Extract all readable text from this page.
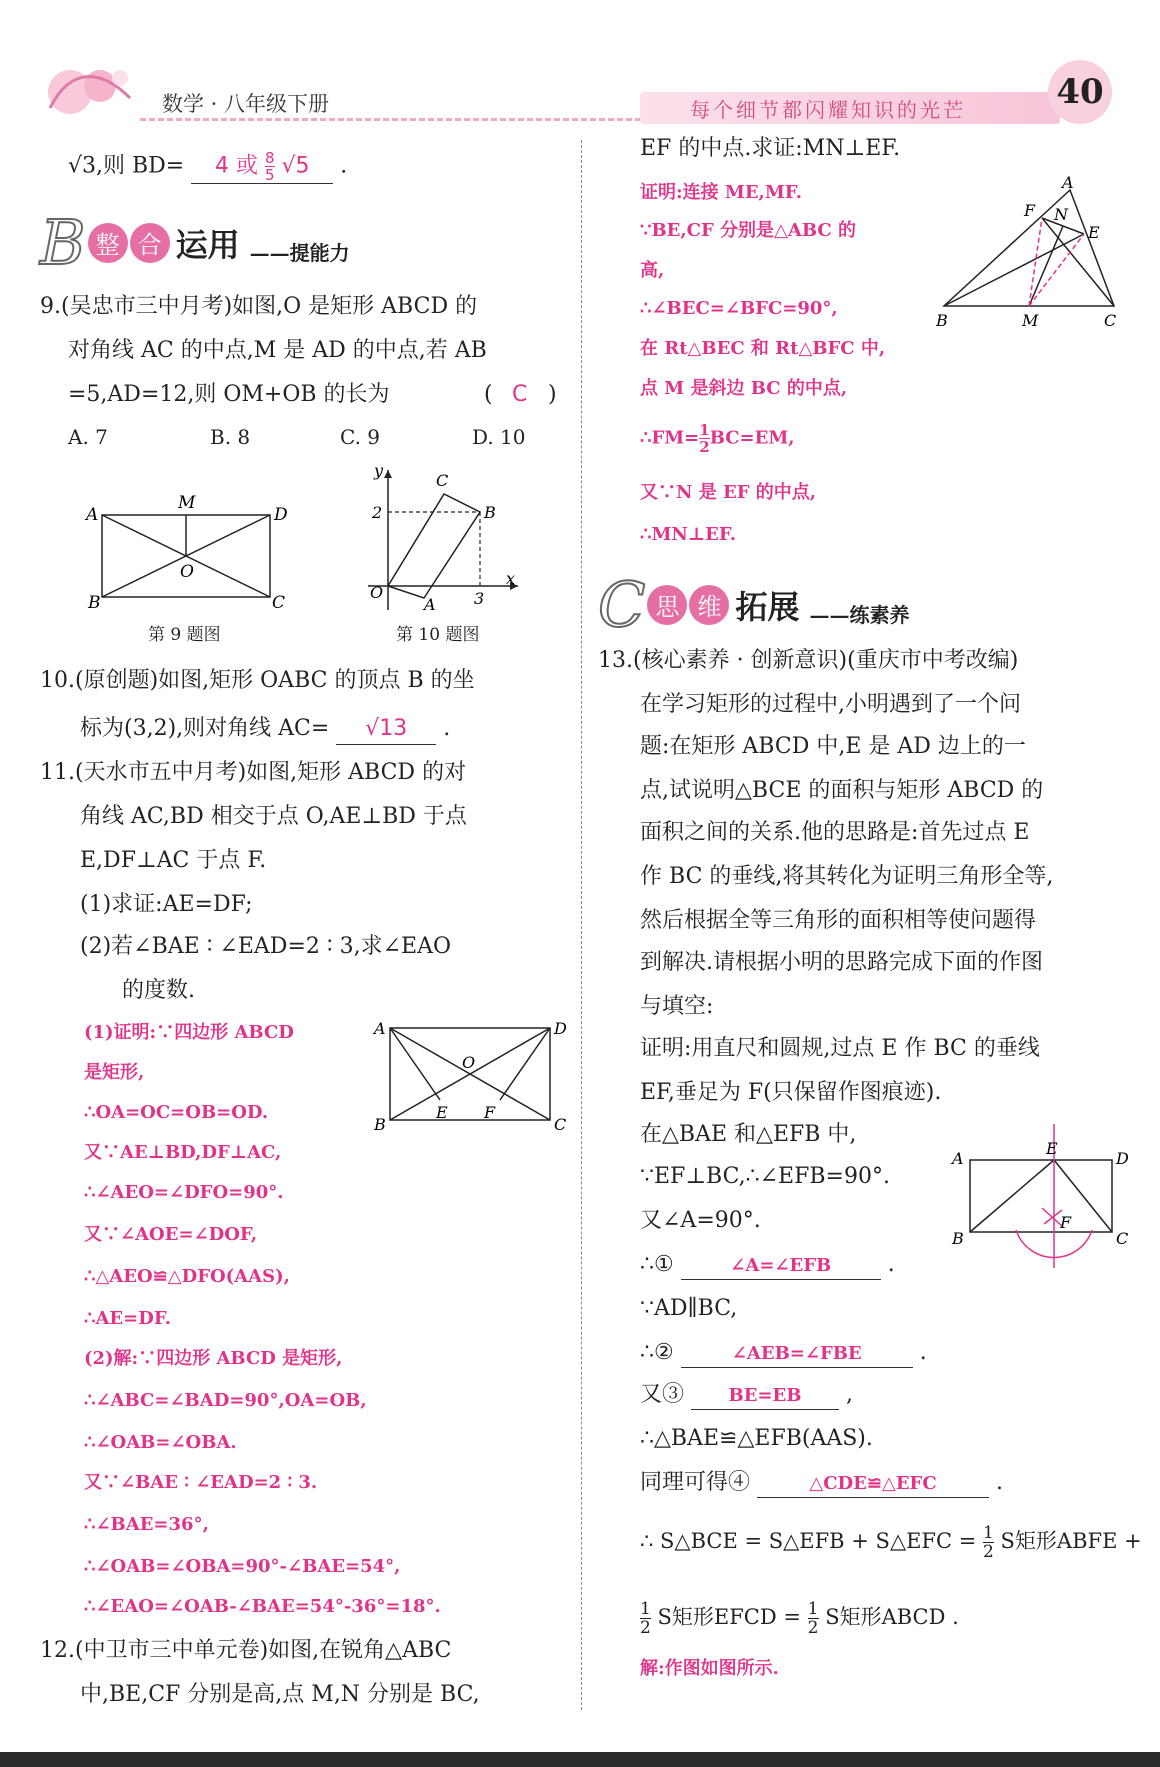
数学 · 八年级下册	每个细节都闪耀知识的光芒	40
√3,则 BD= 4 或 $\frac{8}{5} √5$ .
B 整 合 运用 ——提能力
9.(吴忠市三中月考)如图,O 是矩形 ABCD 的
对角线 AC 的中点,M 是 AD 的中点,若 AB
=5,AD=12,则 OM+OB 的长为	( C )
A. 7	B. 8	C. 9	D. 10
A
M
D
B
O
C
第 9 题图
y
C
2	B
O
A 3
x
第 10 题图
10.(原创题)如图,矩形 OABC 的顶点 B 的坐
标为(3,2),则对角线 AC= √13 .
11.(天水市五中月考)如图,矩形 ABCD 的对
角线 AC,BD 相交于点 O,AE⊥BD 于点
E,DF⊥AC 于点 F.
(1)求证:AE=DF;
(2)若∠BAE ∶ ∠EAD=2 ∶ 3,求∠EAO
的度数.
(1)证明:∵四边形 ABCD
是矩形,
∴OA=OC=OB=OD.
又∵AE⊥BD,DF⊥AC,
∴∠AEO=∠DFO=90°.
又∵∠AOE=∠DOF,
∴△AEO≌△DFO(AAS),
∴AE=DF.
(2)解:∵四边形 ABCD 是矩形,
∴∠ABC=∠BAD=90°,OA=OB,
∴∠OAB=∠OBA.
又∵∠BAE ∶ ∠EAD=2 ∶ 3.
∴∠BAE=36°,
∴∠OAB=∠OBA=90°-∠BAE=54°,
∴∠EAO=∠OAB-∠BAE=54°-36°=18°.
A	D
B	C
O
E F
12.(中卫市三中单元卷)如图,在锐角△ABC
中,BE,CF 分别是高,点 M,N 分别是 BC,
EF 的中点.求证:MN⊥EF.
证明:连接 ME,MF.
∵BE,CF 分别是△ABC 的
高,
∴∠BEC=∠BFC=90°,
在 Rt△BEC 和 Rt△BFC 中,
点 M 是斜边 BC 的中点,
∴FM= $\frac{1}{2} BC=EM$,
又∵N 是 EF 的中点,
∴MN⊥EF.
A
F N
E
B	M	C
C 思 维 拓展 ——练素养
13.(核心素养 · 创新意识)(重庆市中考改编)
在学习矩形的过程中,小明遇到了一个问
题:在矩形 ABCD 中,E 是 AD 边上的一
点,试说明△BCE 的面积与矩形 ABCD 的
面积之间的关系.他的思路是:首先过点 E
作 BC 的垂线,将其转化为证明三角形全等,
然后根据全等三角形的面积相等使问题得
到解决.请根据小明的思路完成下面的作图
与填空:
证明:用直尺和圆规,过点 E 作 BC 的垂线
EF,垂足为 F(只保留作图痕迹).
在△BAE 和△EFB 中,
∵EF⊥BC,∴∠EFB=90°.
又∠A=90°.
∴①	∠A=∠EFB	.
∵AD∥BC,
∴②	∠AEB=∠FBE	.
又③ BE=EB ,
∴△BAE≌△EFB(AAS).
同理可得④	△CDE≌△EFC	.
∴ S△BCE = S△EFB + S△EFC = $\frac{1}{2}$ S矩形ABFE +
$\frac{1}{2}$ S矩形EFCD = $\frac{1}{2}$ S矩形ABCD .
解:作图如图所示.
A
E
D
B
F
C
